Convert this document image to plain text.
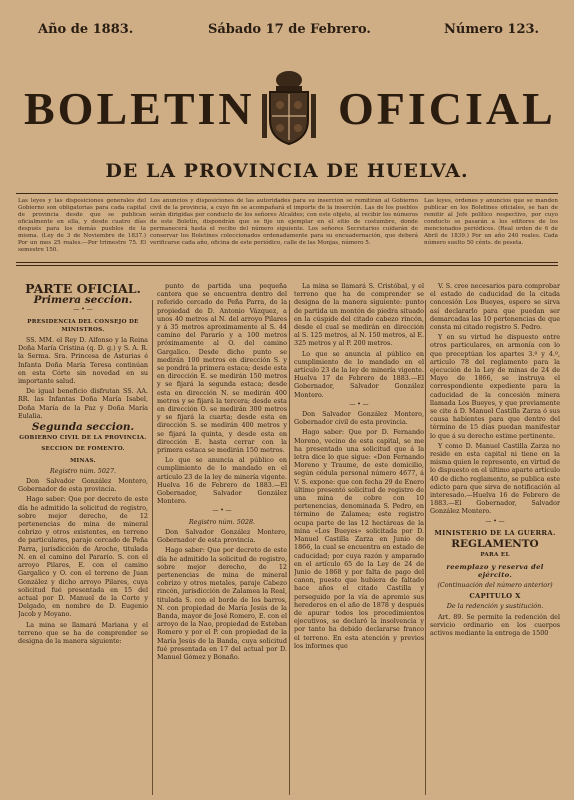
Año de 1883.	Sábado 17 de Febrero.	Número 123.
BOLETIN OFICIAL
DE LA PROVINCIA DE HUELVA.
Las leyes y las disposiciones generales del Gobierno son obligatorias para cada capital de provincia desde que se publican oficialmente en ella, y desde cuatro días después para los demás pueblos de la misma. (Ley de 3 de Noviembre de 1837.) Por un mes 25 reales.—Por trimestre 75. El semestre 150.
Los anuncios y disposiciones de las autoridades para su inserción se remitirán al Gobierno civil de la provincia, a cuyo fin se acompañará el importe de la inserción. Las de los pueblos serán dirigidas por conducto de los señores Alcaldes; con este objeto, al recibir los números de este Boletín, dispondrán que se fije un ejemplar en el sitio de costumbre, donde permanecerá hasta el recibo del número siguiente. Los señores Secretarios cuidarán de conservar los Boletines coleccionados ordenadamente para su encuadernación, que deberá verificarse cada año, oficina de este periódico, calle de las Monjas, número 5.
Las leyes, órdenes y anuncios que se manden publicar en los Boletines oficiales, se han de remitir al Jefe político respectivo, por cuyo conducto se pasarán a los editores de los mencionados periódicos. (Real orden de 6 de Abril de 1839.) Por un año 240 reales. Cada número suelto 50 cénts. de peseta.
PARTE OFICIAL.
Primera seccion.
— • —
PRESIDENCIA DEL CONSEJO DE MINISTROS.

SS. MM. el Rey D. Alfonso y la Reina Doña María Cristina (q. D. g.) y S. A. R. la Serma. Sra. Princesa de Asturias é Infanta Doña María Teresa continúan en esta Córte sin novedad en su importante salud.

De igual beneficio disfrutan SS. AA. RR. las Infantas Doña María Isabel, Doña María de la Paz y Doña María Eulalia.

Segunda seccion.
GOBIERNO CIVIL DE LA PROVINCIA.
SECCION DE FOMENTO.
MINAS.
Registro núm. 5027.

Don Salvador González Montero, Gobernador de esta provincia.

Hago saber: Que por decreto de este día he admitido la solicitud de registro, sobre mejor derecho, de 12 pertenencias de mina de mineral cobrizo y otros existentes, en terreno de particulares, paraje cercado de Peña Parra, jurisdicción de Aroche, titulada N. en el camino del Pararío. S. con el arroyo Pilares, E. con el camino Gargalico y O. con el terreno de Juan González y dicho arroyo Pilares, cuya solicitud fué presentada en 15 del actual por D. Manuel de la Corte y Delgado, en nombre de D. Eugenio Jacob y Moyano.

La mina se llamará Mariana y el terreno que se ha de comprender se designa de la manera siguiente:

punto de partida una pequeña cantera que se encuentra dentro del referido cercado de Peña Parra, de la propiedad de D. Antonio Vázquez, a unos 40 metros al N. del arroyo Pilares y á 35 metros aproximamente al S. 44 camino del Pararío y a 100 metros próximamente al O. del camino Gargalico. Desde dicho punto se medirán 100 metros en dirección S. y se pondrá la primera estaca; desde esta en dirección E. se medirán 150 metros y se fijará la segunda estaca; desde esta en dirección N. se medirán 400 metros y se fijará la tercera; desde esta en dirección O. se medirán 300 metros y se fijará la cuarta; desde esta en dirección S. se medirán 400 metros y se fijará la quinta, y desde esta en dirección E. hasta cerrar con la primera estaca se medirán 150 metros.

Lo que se anuncia al público en cumplimiento de lo mandado en el artículo 23 de la ley de minería vigente. Huelva 16 de Febrero de 1883.—El Gobernador, Salvador González Montero.

— • —
Registro núm. 5028.

Don Salvador González Montero, Gobernador de esta provincia.

Hago saber: Que por decreto de este día he admitido la solicitud de registro, sobre mejor derecho, de 12 pertenencias de mina de mineral cobrizo y otros metales, paraje Cabezo rincón, jurisdicción de Zalamea la Real, titulada S. con el borde de los barros, N. con propiedad de María Jesús de la Banda, mayor de José Romero, E. con el arroyo de la Nao, propiedad de Esteban Romero y por el P. con propiedad de la María Jesús de la Banda, cuya solicitud fué presentada en 17 del actual por D. Manuel Gómez y Bonaño.

La mina se llamará S. Cristóbal, y el terreno que ha de comprender se designa de la manera siguiente: punto de partida un montón de piedra situado en la cúspide del citado cabezo rincón, desde el cual se medirán en dirección al S. 125 metros, al N. 150 metros, al E. 325 metros y al P. 200 metros.

Lo que se anuncia al público en cumplimiento de lo mandado en el artículo 23 de la ley de minería vigente. Huelva 17 de Febrero de 1883.—El Gobernador, Salvador González Montero.

— • —

Don Salvador González Montero, Gobernador civil de esta provincia.

Hago saber: Que por D. Fernando Moreno, vecino de esta capital, se me ha presentado una solicitud que á la letra dice lo que sigue: «Don Fernando Moreno y Traume, de este domicilio, según cédula personal número 4677, á V. S. expone: que con fecha 29 de Enero último presentó solicitud de registro de una mina de cobre con 10 pertenencias, denominada S. Pedro, en término de Zalamea; este registro ocupa parte de las 12 hectáreas de la mina «Los Bueyes» solicitada por D. Manuel Castilla Zarza en Junio de 1866, la cual se encuentra en estado de caducidad; por cuya razón y amparado en el artículo 65 de la Ley de 24 de Junio de 1868 y por falta de pago del canon, puesto que hubiera de faltado hace años el citado Castilla y perseguido por la vía de apremio sus herederos en el año de 1878 y después de apurar todos los procedimientos ejecutivos, se declaró la insolvencia y por tanto ha debido declararse franco el terreno. En esta atención y previos los informes que

V. S. cree necesarios para comprobar el estado de caducidad de la citada concesión Los Bueyes, espero se sirva así declararlo para que puedan ser demarcadas las 10 pertenencias de que consta mi citado registro S. Pedro.

Y en su virtud he dispuesto entre otros particulares, en armonía con lo que preceptúan los apartes 3.º y 4.º, artículo 78 del reglamento para la ejecución de la Ley de minas de 24 de Mayo de 1866, se instruya el correspondiente expediente para la caducidad de la concesión minera llamada Los Bueyes, y que previamente se cite á D. Manuel Castilla Zarza ó sus causa habientes para que dentro del término de 15 días puedan manifestar lo que á su derecho estime pertinente.

Y como D. Manuel Castilla Zarza no reside en esta capital ni tiene en la misma quien le represente, en virtud de lo dispuesto en el último aparte artículo 40 de dicho reglamento, se publica este edicto para que sirva de notificación al interesado.—Huelva 16 de Febrero de 1883.—El Gobernador, Salvador González Montero.

— • —
MINISTERIO DE LA GUERRA.
REGLAMENTO
PARA EL
reemplazo y reserva del ejército.
(Continuación del número anterior)
CAPITULO X
De la redención y sustitución.

Art. 89. Se permite la redención del servicio ordinario en los cuerpos activos mediante la entrega de 1500
